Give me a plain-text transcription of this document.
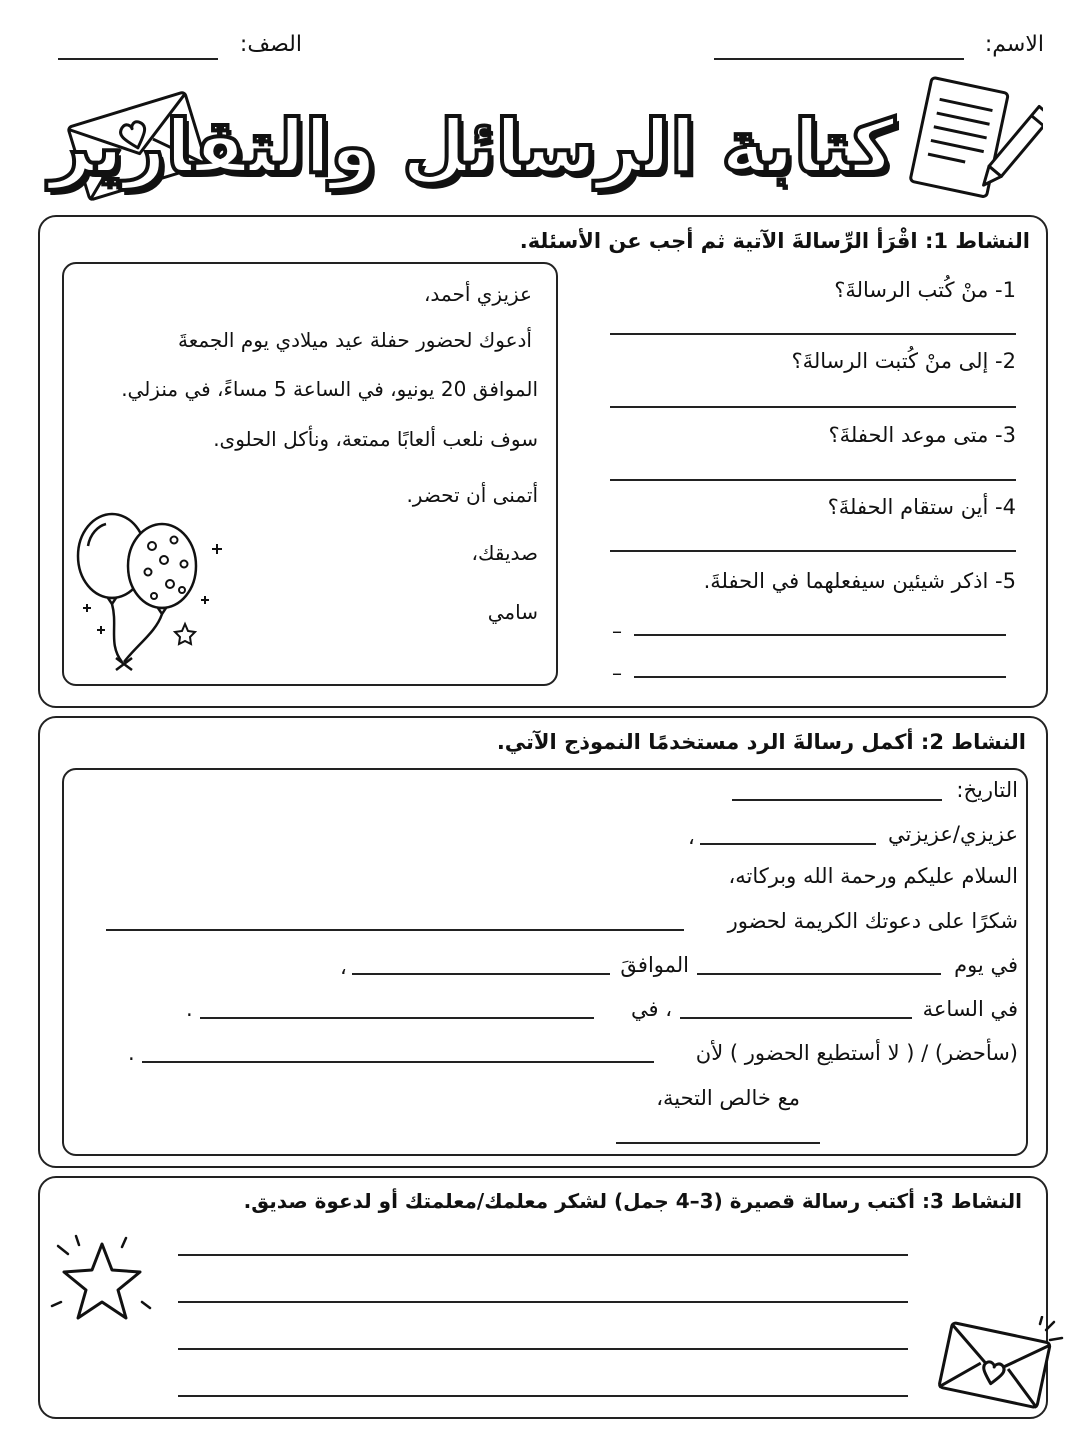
الاسم:
الصف:
كتابة الرسائل والتقارير
النشاط 1: اقْرَأ الرِّسالةَ الآتية ثم أجب عن الأسئلة.
عزيزي أحمد،
أدعوك لحضور حفلة عيد ميلادي يوم الجمعةَ
الموافق 20 يونيو، في الساعة 5 مساءً، في منزلي.
سوف نلعب ألعابًا ممتعة، ونأكل الحلوى.
أتمنى أن تحضر.
صديقك،
سامي
1- منْ كُتب الرسالةَ؟
2- إلى منْ كُتبت الرسالةَ؟
3- متى موعد الحفلةَ؟
4- أين ستقام الحفلةَ؟
5- اذكر شيئين سيفعلهما في الحفلةَ.
–
–
النشاط 2: أكمل رسالةَ الرد مستخدمًا النموذج الآتي.
التاريخ:
عزيزي/عزيزتي
،
السلام عليكم ورحمة الله وبركاته،
شكرًا على دعوتك الكريمة لحضور
في يوم
الموافقَ
،
في الساعة
، في
.
(سأحضر) / ( لا أستطيع الحضور ) لأن
.
مع خالص التحية،
النشاط 3: أكتب رسالة قصيرة (3–4 جمل) لشكر معلمك/معلمتك أو لدعوة صديق.
